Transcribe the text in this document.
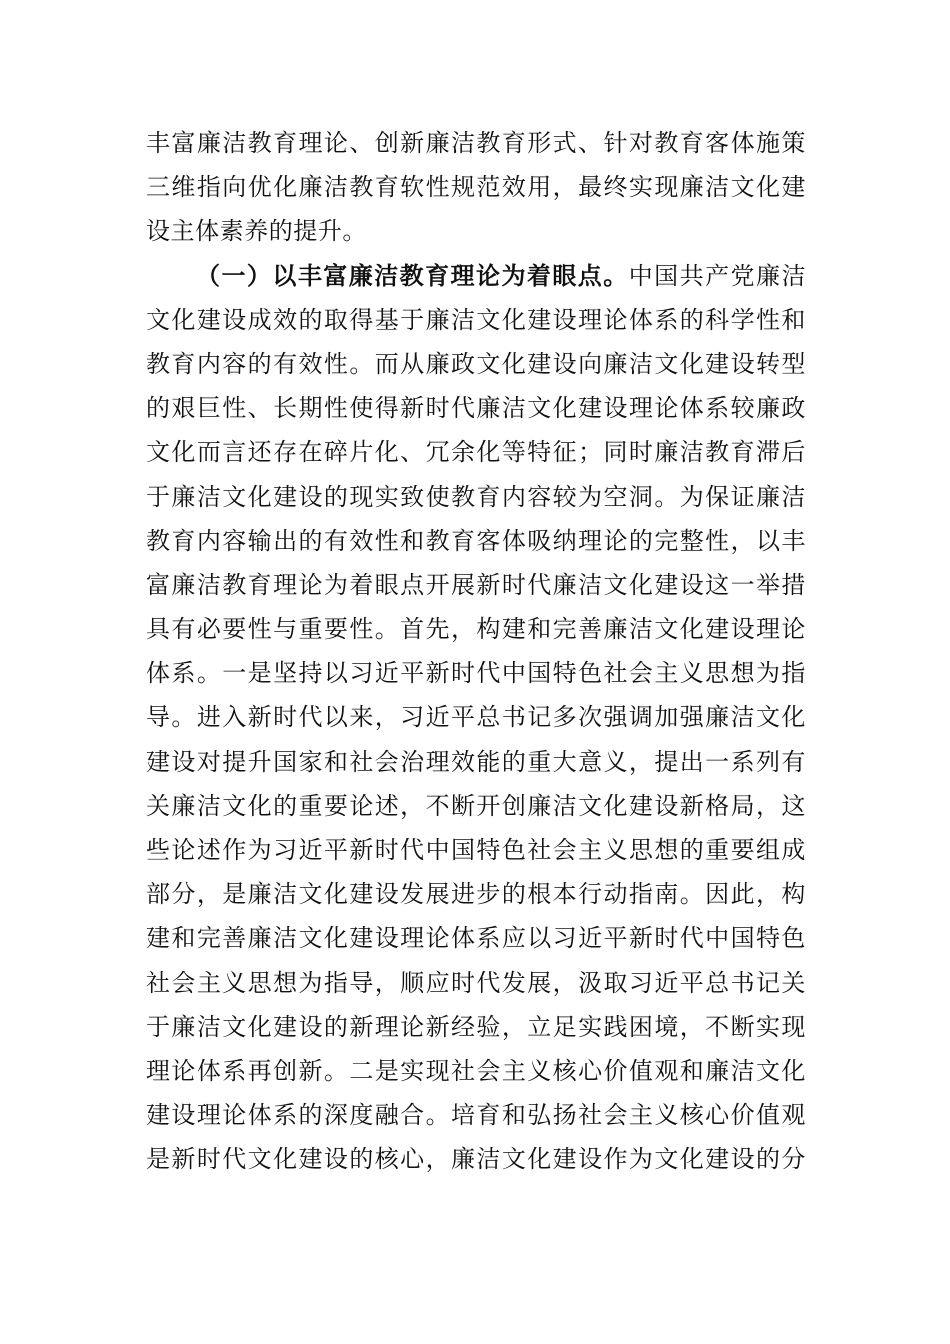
丰富廉洁教育理论、创新廉洁教育形式、针对教育客体施策
三维指向优化廉洁教育软性规范效用，最终实现廉洁文化建
设主体素养的提升。
（一）以丰富廉洁教育理论为着眼点。中国共产党廉洁
文化建设成效的取得基于廉洁文化建设理论体系的科学性和
教育内容的有效性。而从廉政文化建设向廉洁文化建设转型
的艰巨性、长期性使得新时代廉洁文化建设理论体系较廉政
文化而言还存在碎片化、冗余化等特征；同时廉洁教育滞后
于廉洁文化建设的现实致使教育内容较为空洞。为保证廉洁
教育内容输出的有效性和教育客体吸纳理论的完整性，以丰
富廉洁教育理论为着眼点开展新时代廉洁文化建设这一举措
具有必要性与重要性。首先，构建和完善廉洁文化建设理论
体系。一是坚持以习近平新时代中国特色社会主义思想为指
导。进入新时代以来，习近平总书记多次强调加强廉洁文化
建设对提升国家和社会治理效能的重大意义，提出一系列有
关廉洁文化的重要论述，不断开创廉洁文化建设新格局，这
些论述作为习近平新时代中国特色社会主义思想的重要组成
部分，是廉洁文化建设发展进步的根本行动指南。因此，构
建和完善廉洁文化建设理论体系应以习近平新时代中国特色
社会主义思想为指导，顺应时代发展，汲取习近平总书记关
于廉洁文化建设的新理论新经验，立足实践困境，不断实现
理论体系再创新。二是实现社会主义核心价值观和廉洁文化
建设理论体系的深度融合。培育和弘扬社会主义核心价值观
是新时代文化建设的核心，廉洁文化建设作为文化建设的分
